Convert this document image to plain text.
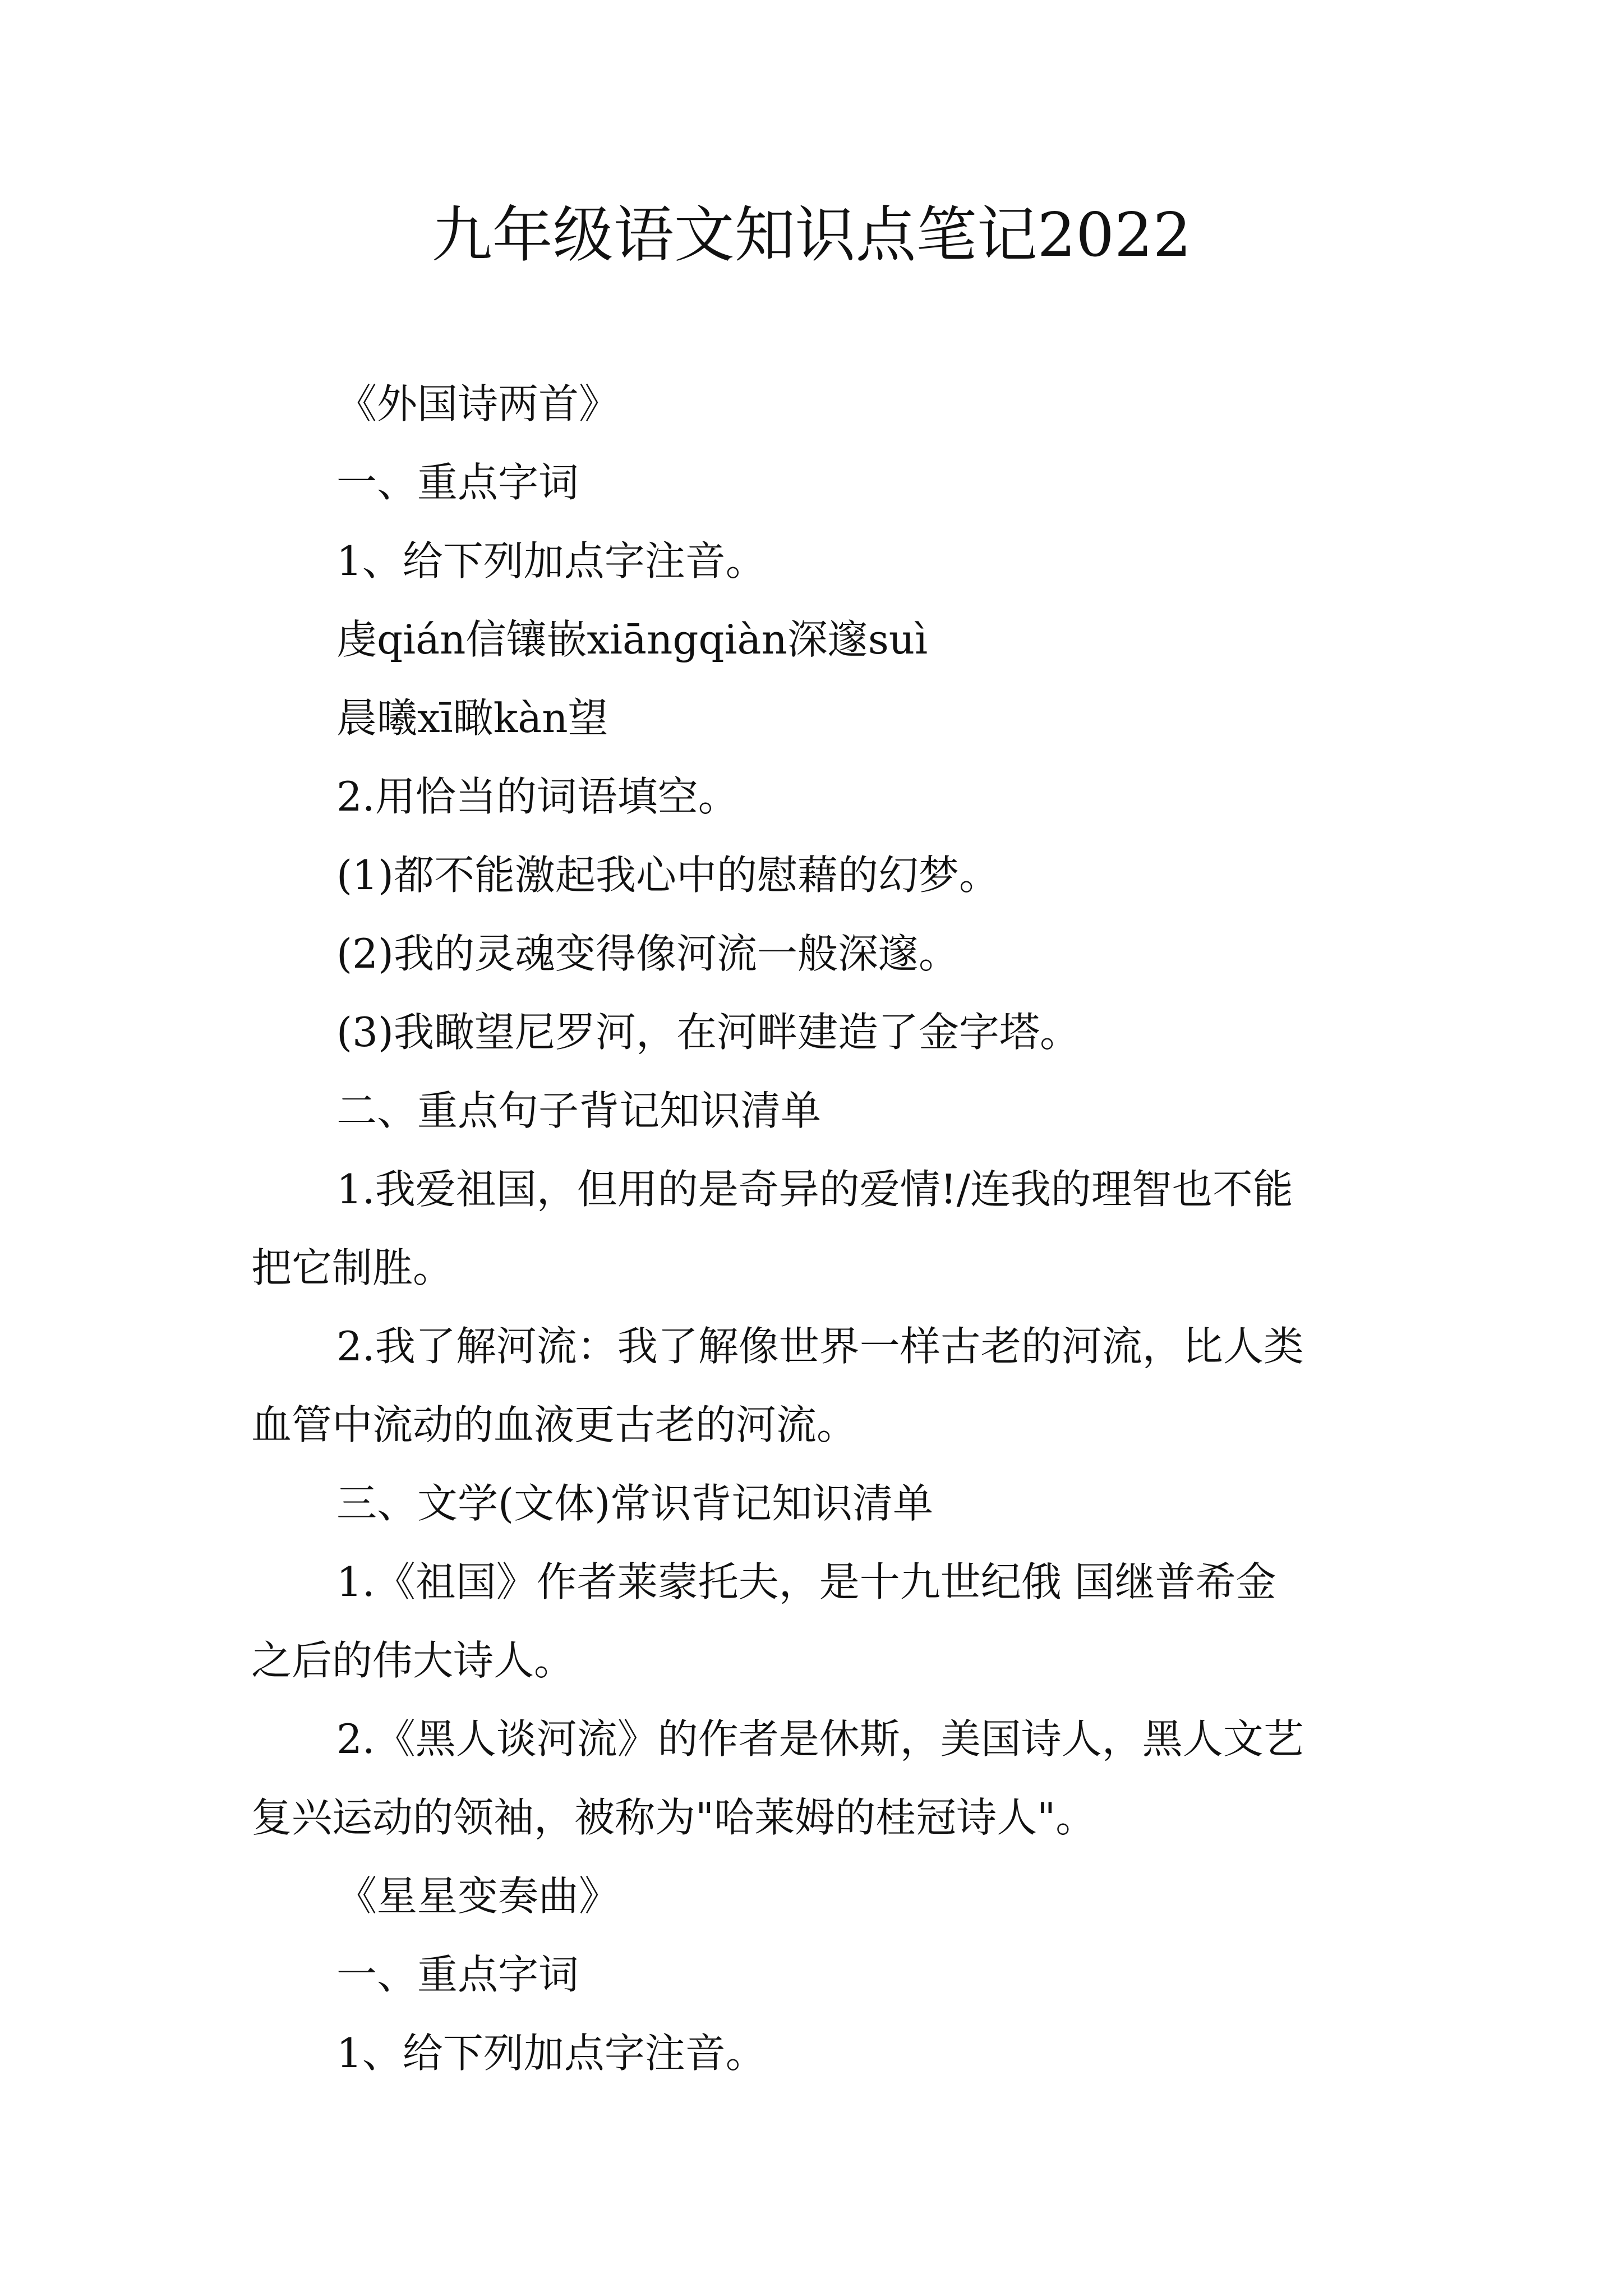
九年级语文知识点笔记2022

《外国诗两首》

一、重点字词

1、给下列加点字注音。

虔qián信镶嵌xiāngqiàn深邃suì

晨曦xī瞰kàn望

2.用恰当的词语填空。

(1)都不能激起我心中的慰藉的幻梦。

(2)我的灵魂变得像河流一般深邃。

(3)我瞰望尼罗河，在河畔建造了金字塔。

二、重点句子背记知识清单

1.我爱祖国，但用的是奇异的爱情!/连我的理智也不能

把它制胜。

2.我了解河流：我了解像世界一样古老的河流，比人类

血管中流动的血液更古老的河流。

三、文学(文体)常识背记知识清单

1.《祖国》作者莱蒙托夫，是十九世纪俄 国继普希金

之后的伟大诗人。

2.《黑人谈河流》的作者是休斯，美国诗人，黑人文艺

复兴运动的领袖，被称为"哈莱姆的桂冠诗人"。

《星星变奏曲》

一、重点字词

1、给下列加点字注音。
